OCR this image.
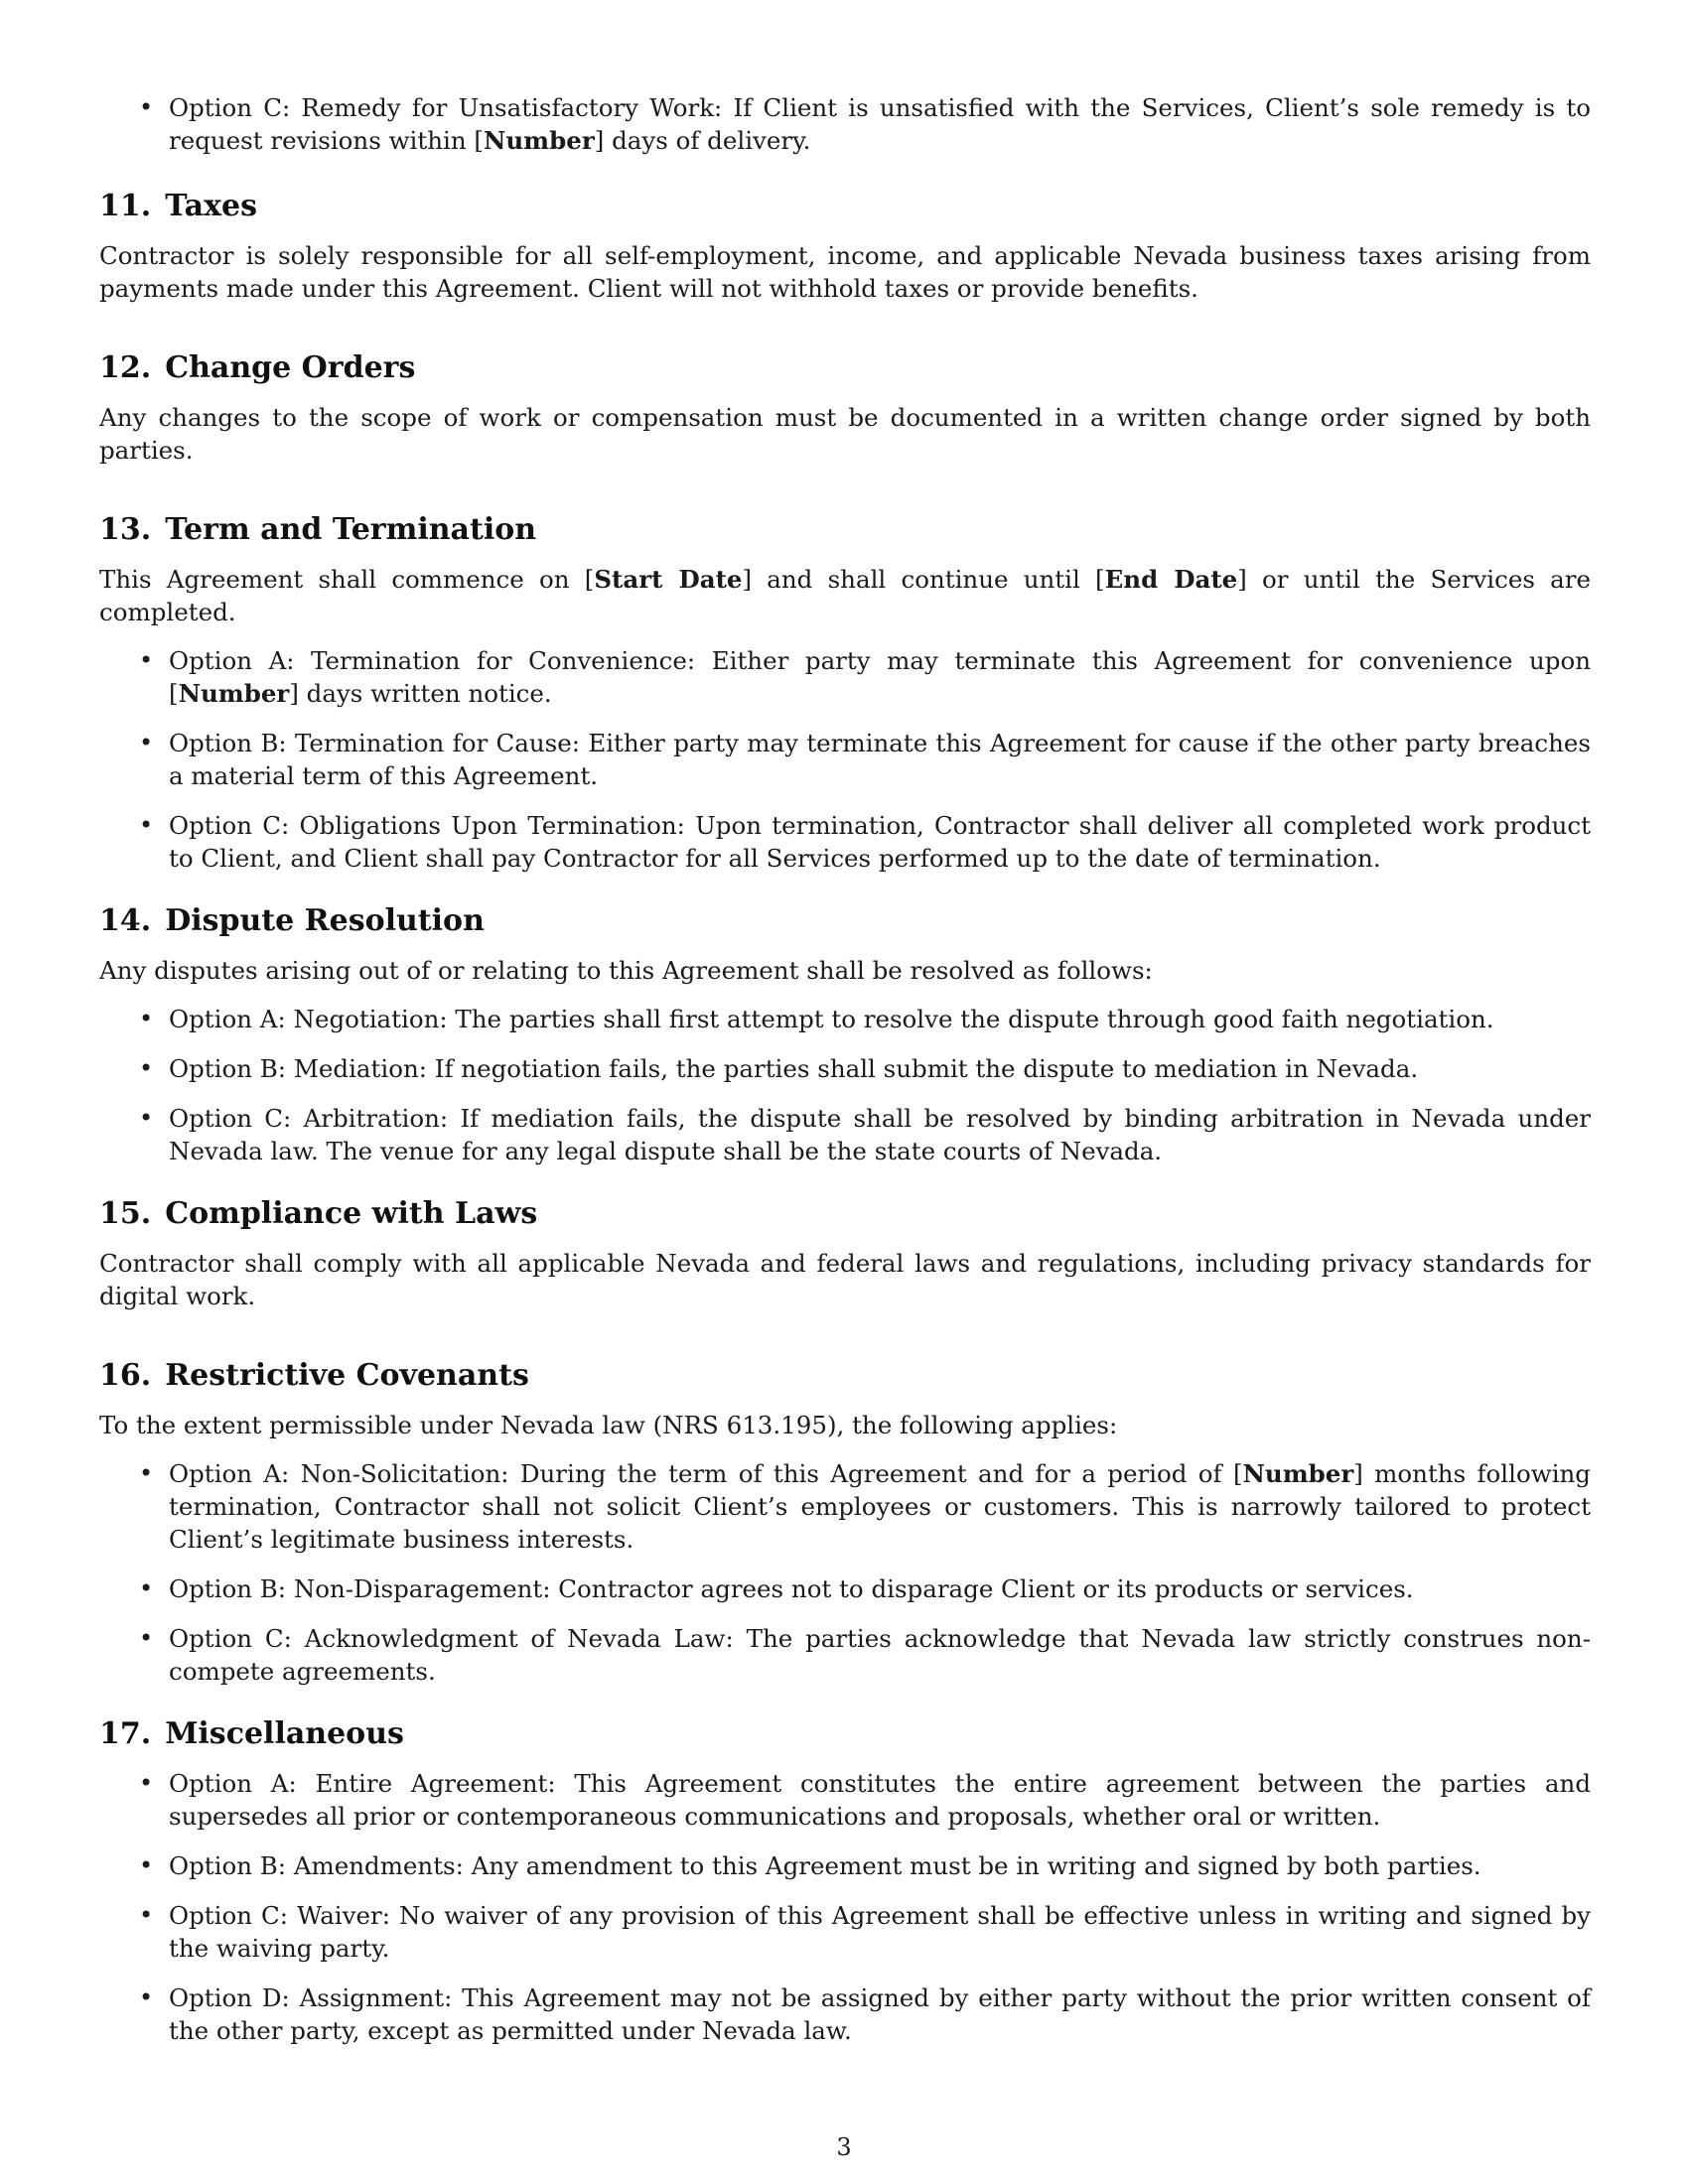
• Option C: Remedy for Unsatisfactory Work: If Client is unsatisfied with the Services, Client’s sole remedy is to request revisions within [Number] days of delivery.
11. Taxes

Contractor is solely responsible for all self-employment, income, and applicable Nevada business taxes arising from payments made under this Agreement. Client will not withhold taxes or provide benefits.

12. Change Orders

Any changes to the scope of work or compensation must be documented in a written change order signed by both parties.

13. Term and Termination

This Agreement shall commence on [Start Date] and shall continue until [End Date] or until the Services are completed.

• Option A: Termination for Convenience: Either party may terminate this Agreement for convenience upon [Number] days written notice.
• Option B: Termination for Cause: Either party may terminate this Agreement for cause if the other party breaches a material term of this Agreement.
• Option C: Obligations Upon Termination: Upon termination, Contractor shall deliver all completed work product to Client, and Client shall pay Contractor for all Services performed up to the date of termination.
14. Dispute Resolution

Any disputes arising out of or relating to this Agreement shall be resolved as follows:

• Option A: Negotiation: The parties shall first attempt to resolve the dispute through good faith negotiation.
• Option B: Mediation: If negotiation fails, the parties shall submit the dispute to mediation in Nevada.
• Option C: Arbitration: If mediation fails, the dispute shall be resolved by binding arbitration in Nevada under Nevada law. The venue for any legal dispute shall be the state courts of Nevada.
15. Compliance with Laws

Contractor shall comply with all applicable Nevada and federal laws and regulations, including privacy standards for digital work.

16. Restrictive Covenants

To the extent permissible under Nevada law (NRS 613.195), the following applies:

• Option A: Non-Solicitation: During the term of this Agreement and for a period of [Number] months following termination, Contractor shall not solicit Client’s employees or customers. This is narrowly tailored to protect Client’s legitimate business interests.
• Option B: Non-Disparagement: Contractor agrees not to disparage Client or its products or services.
• Option C: Acknowledgment of Nevada Law: The parties acknowledge that Nevada law strictly construes non-compete agreements.
17. Miscellaneous
• Option A: Entire Agreement: This Agreement constitutes the entire agreement between the parties and supersedes all prior or contemporaneous communications and proposals, whether oral or written.
• Option B: Amendments: Any amendment to this Agreement must be in writing and signed by both parties.
• Option C: Waiver: No waiver of any provision of this Agreement shall be effective unless in writing and signed by the waiving party.
• Option D: Assignment: This Agreement may not be assigned by either party without the prior written consent of the other party, except as permitted under Nevada law.
3
